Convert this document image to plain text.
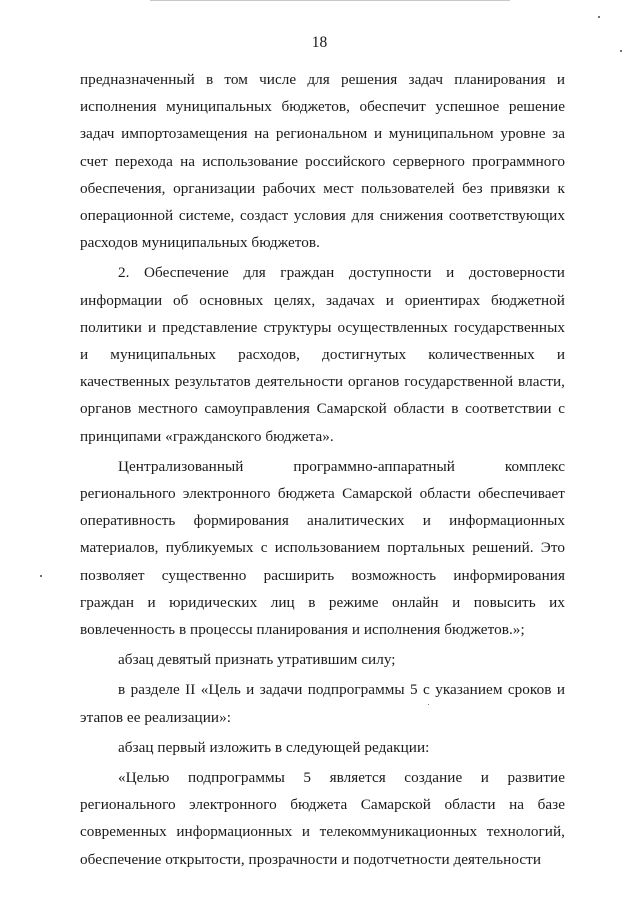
18

предназначенный в том числе для решения задач планирования и исполнения муниципальных бюджетов, обеспечит успешное решение задач импортозамещения на региональном и муниципальном уровне за счет перехода на использование российского серверного программного обеспечения, организации рабочих мест пользователей без привязки к операционной системе, создаст условия для снижения соответствующих расходов муниципальных бюджетов.

2. Обеспечение для граждан доступности и достоверности информации об основных целях, задачах и ориентирах бюджетной политики и представление структуры осуществленных государственных и муниципальных расходов, достигнутых количественных и качественных результатов деятельности органов государственной власти, органов местного самоуправления Самарской области в соответствии с принципами «гражданского бюджета».

Централизованный программно-аппаратный комплекс регионального электронного бюджета Самарской области обеспечивает оперативность формирования аналитических и информационных материалов, публикуемых с использованием портальных решений. Это позволяет существенно расширить возможность информирования граждан и юридических лиц в режиме онлайн и повысить их вовлеченность в процессы планирования и исполнения бюджетов.»;

абзац девятый признать утратившим силу;

в разделе II «Цель и задачи подпрограммы 5 с указанием сроков и этапов ее реализации»:

абзац первый изложить в следующей редакции:

«Целью подпрограммы 5 является создание и развитие регионального электронного бюджета Самарской области на базе современных информационных и телекоммуникационных технологий, обеспечение открытости, прозрачности и подотчетности деятельности
